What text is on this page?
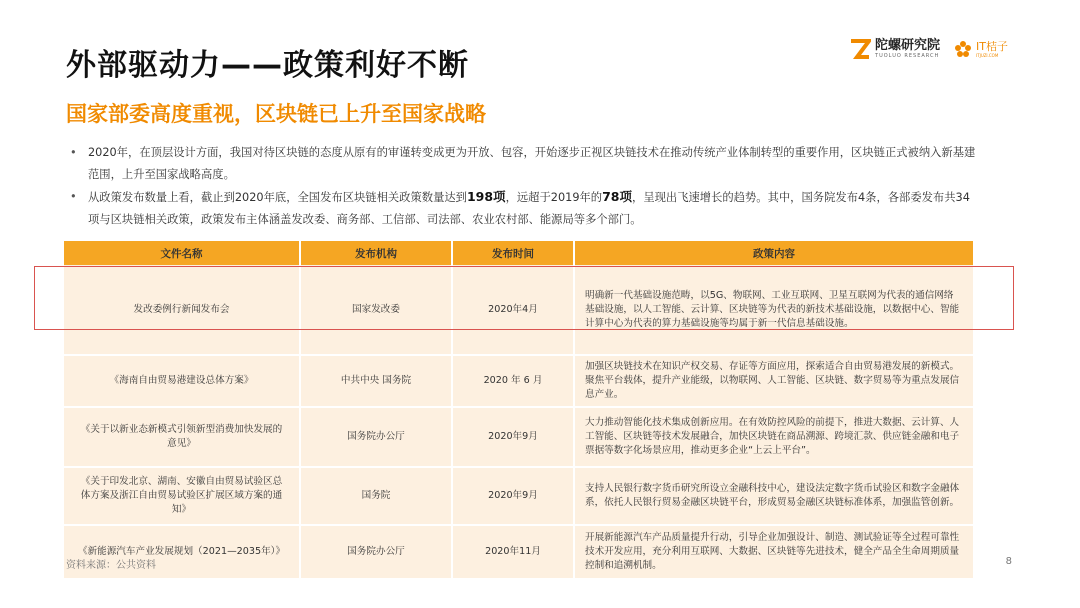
外部驱动力——政策利好不断
国家部委高度重视，区块链已上升至国家战略
陀螺研究院
TUOLUO RESEARCH
IT桔子
ITJUZI.COM
• 2020年，在顶层设计方面，我国对待区块链的态度从原有的审谨转变成更为开放、包容，开始逐步正视区块链技术在推动传统产业体制转型的重要作用，区块链正式被纳入新基建范围，上升至国家战略高度。
• 从政策发布数量上看，截止到2020年底，全国发布区块链相关政策数量达到198项，远超于2019年的78项，呈现出飞速增长的趋势。其中，国务院发布4条，各部委发布共34项与区块链相关政策，政策发布主体涵盖发改委、商务部、工信部、司法部、农业农村部、能源局等多个部门。
文件名称	发布机构	发布时间	政策内容
发改委例行新闻发布会	国家发改委	2020年4月	明确新一代基础设施范畴，以5G、物联网、工业互联网、卫星互联网为代表的通信网络基础设施，以人工智能、云计算、区块链等为代表的新技术基础设施，以数据中心、智能计算中心为代表的算力基础设施等均属于新一代信息基础设施。
《海南自由贸易港建设总体方案》	中共中央 国务院	2020 年 6 月	加强区块链技术在知识产权交易、存证等方面应用，探索适合自由贸易港发展的新模式。聚焦平台载体，提升产业能级，以物联网、人工智能、区块链、数字贸易等为重点发展信息产业。
《关于以新业态新模式引领新型消费加快发展的意见》	国务院办公厅	2020年9月	大力推动智能化技术集成创新应用。在有效防控风险的前提下，推进大数据、云计算、人工智能、区块链等技术发展融合，加快区块链在商品溯源、跨境汇款、供应链金融和电子票据等数字化场景应用，推动更多企业“上云上平台”。
《关于印发北京、湖南、安徽自由贸易试验区总体方案及浙江自由贸易试验区扩展区域方案的通知》	国务院	2020年9月	支持人民银行数字货币研究所设立金融科技中心，建设法定数字货币试验区和数字金融体系，依托人民银行贸易金融区块链平台，形成贸易金融区块链标准体系，加强监管创新。
《新能源汽车产业发展规划（2021—2035年）》	国务院办公厅	2020年11月	开展新能源汽车产品质量提升行动，引导企业加强设计、制造、测试验证等全过程可靠性技术开发应用，充分利用互联网、大数据、区块链等先进技术，健全产品全生命周期质量控制和追溯机制。
资料来源：公共资料	8
